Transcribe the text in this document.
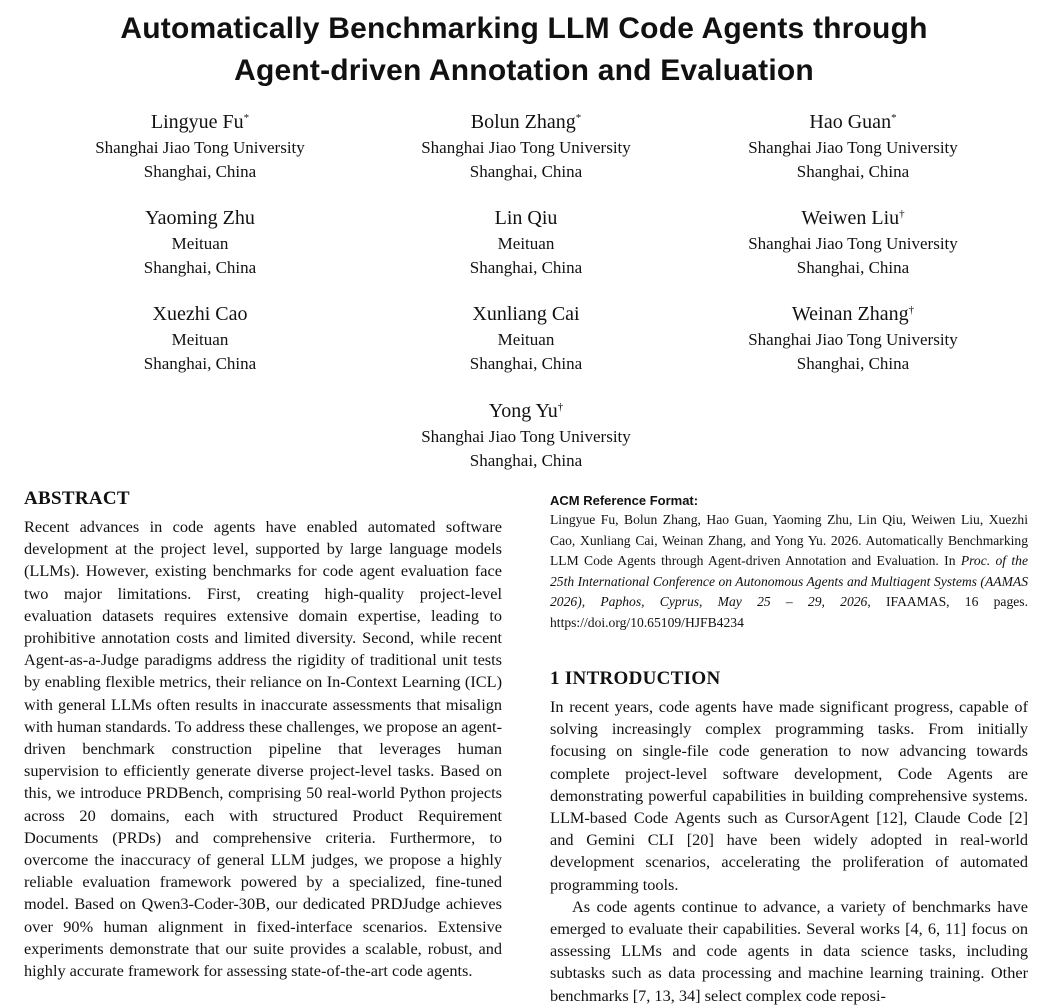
Automatically Benchmarking LLM Code Agents through
Agent-driven Annotation and Evaluation
Lingyue Fu*
Shanghai Jiao Tong University
Shanghai, China
Bolun Zhang*
Shanghai Jiao Tong University
Shanghai, China
Hao Guan*
Shanghai Jiao Tong University
Shanghai, China
Yaoming Zhu
Meituan
Shanghai, China
Lin Qiu
Meituan
Shanghai, China
Weiwen Liu†
Shanghai Jiao Tong University
Shanghai, China
Xuezhi Cao
Meituan
Shanghai, China
Xunliang Cai
Meituan
Shanghai, China
Weinan Zhang†
Shanghai Jiao Tong University
Shanghai, China
Yong Yu†
Shanghai Jiao Tong University
Shanghai, China
ABSTRACT

Recent advances in code agents have enabled automated software development at the project level, supported by large language models (LLMs). However, existing benchmarks for code agent evaluation face two major limitations. First, creating high-quality project-level evaluation datasets requires extensive domain expertise, leading to prohibitive annotation costs and limited diversity. Second, while recent Agent-as-a-Judge paradigms address the rigidity of traditional unit tests by enabling flexible metrics, their reliance on In-Context Learning (ICL) with general LLMs often results in inaccurate assessments that misalign with human standards. To address these challenges, we propose an agent-driven benchmark construction pipeline that leverages human supervision to efficiently generate diverse project-level tasks. Based on this, we introduce PRDBench, comprising 50 real-world Python projects across 20 domains, each with structured Product Requirement Documents (PRDs) and comprehensive criteria. Furthermore, to overcome the inaccuracy of general LLM judges, we propose a highly reliable evaluation framework powered by a specialized, fine-tuned model. Based on Qwen3-Coder-30B, our dedicated PRDJudge achieves over 90% human alignment in fixed-interface scenarios. Extensive experiments demonstrate that our suite provides a scalable, robust, and highly accurate framework for assessing state-of-the-art code agents.

ACM Reference Format:
Lingyue Fu, Bolun Zhang, Hao Guan, Yaoming Zhu, Lin Qiu, Weiwen Liu, Xuezhi Cao, Xunliang Cai, Weinan Zhang, and Yong Yu. 2026. Automatically Benchmarking LLM Code Agents through Agent-driven Annotation and Evaluation. In Proc. of the 25th International Conference on Autonomous Agents and Multiagent Systems (AAMAS 2026), Paphos, Cyprus, May 25 – 29, 2026, IFAAMAS, 16 pages. https://doi.org/10.65109/HJFB4234
1 INTRODUCTION

In recent years, code agents have made significant progress, capable of solving increasingly complex programming tasks. From initially focusing on single-file code generation to now advancing towards complete project-level software development, Code Agents are demonstrating powerful capabilities in building comprehensive systems. LLM-based Code Agents such as CursorAgent [12], Claude Code [2] and Gemini CLI [20] have been widely adopted in real-world development scenarios, accelerating the proliferation of automated programming tools.

As code agents continue to advance, a variety of benchmarks have emerged to evaluate their capabilities. Several works [4, 6, 11] focus on assessing LLMs and code agents in data science tasks, including subtasks such as data processing and machine learning training. Other benchmarks [7, 13, 34] select complex code reposi-
